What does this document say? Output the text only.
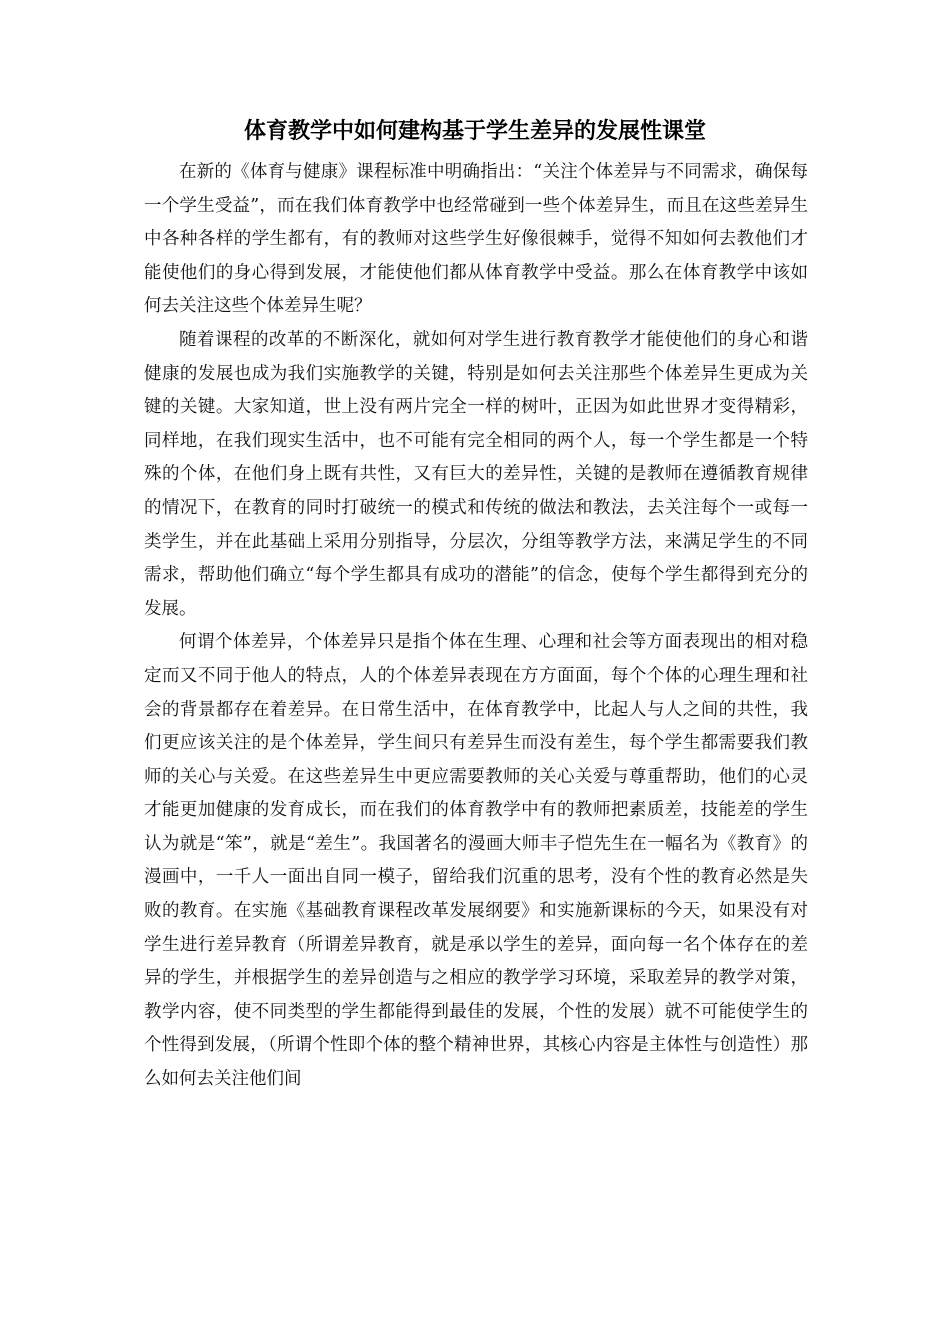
体育教学中如何建构基于学生差异的发展性课堂

在新的《体育与健康》课程标准中明确指出：“关注个体差异与不同需求，确保每一个学生受益”，而在我们体育教学中也经常碰到一些个体差异生，而且在这些差异生中各种各样的学生都有，有的教师对这些学生好像很棘手，觉得不知如何去教他们才能使他们的身心得到发展，才能使他们都从体育教学中受益。那么在体育教学中该如何去关注这些个体差异生呢？

随着课程的改革的不断深化，就如何对学生进行教育教学才能使他们的身心和谐健康的发展也成为我们实施教学的关键，特别是如何去关注那些个体差异生更成为关键的关键。大家知道，世上没有两片完全一样的树叶，正因为如此世界才变得精彩，同样地，在我们现实生活中，也不可能有完全相同的两个人，每一个学生都是一个特殊的个体，在他们身上既有共性，又有巨大的差异性，关键的是教师在遵循教育规律的情况下，在教育的同时打破统一的模式和传统的做法和教法，去关注每个一或每一类学生，并在此基础上采用分别指导，分层次，分组等教学方法，来满足学生的不同需求，帮助他们确立“每个学生都具有成功的潜能”的信念，使每个学生都得到充分的发展。

何谓个体差异，个体差异只是指个体在生理、心理和社会等方面表现出的相对稳定而又不同于他人的特点，人的个体差异表现在方方面面，每个个体的心理生理和社会的背景都存在着差异。在日常生活中，在体育教学中，比起人与人之间的共性，我们更应该关注的是个体差异，学生间只有差异生而没有差生，每个学生都需要我们教师的关心与关爱。在这些差异生中更应需要教师的关心关爱与尊重帮助，他们的心灵才能更加健康的发育成长，而在我们的体育教学中有的教师把素质差，技能差的学生认为就是“笨”，就是“差生”。我国著名的漫画大师丰子恺先生在一幅名为《教育》的漫画中，一千人一面出自同一模子，留给我们沉重的思考，没有个性的教育必然是失败的教育。在实施《基础教育课程改革发展纲要》和实施新课标的今天，如果没有对学生进行差异教育（所谓差异教育，就是承以学生的差异，面向每一名个体存在的差异的学生，并根据学生的差异创造与之相应的教学学习环境，采取差异的教学对策，教学内容，使不同类型的学生都能得到最佳的发展，个性的发展）就不可能使学生的个性得到发展，（所谓个性即个体的整个精神世界，其核心内容是主体性与创造性）那么如何去关注他们间
